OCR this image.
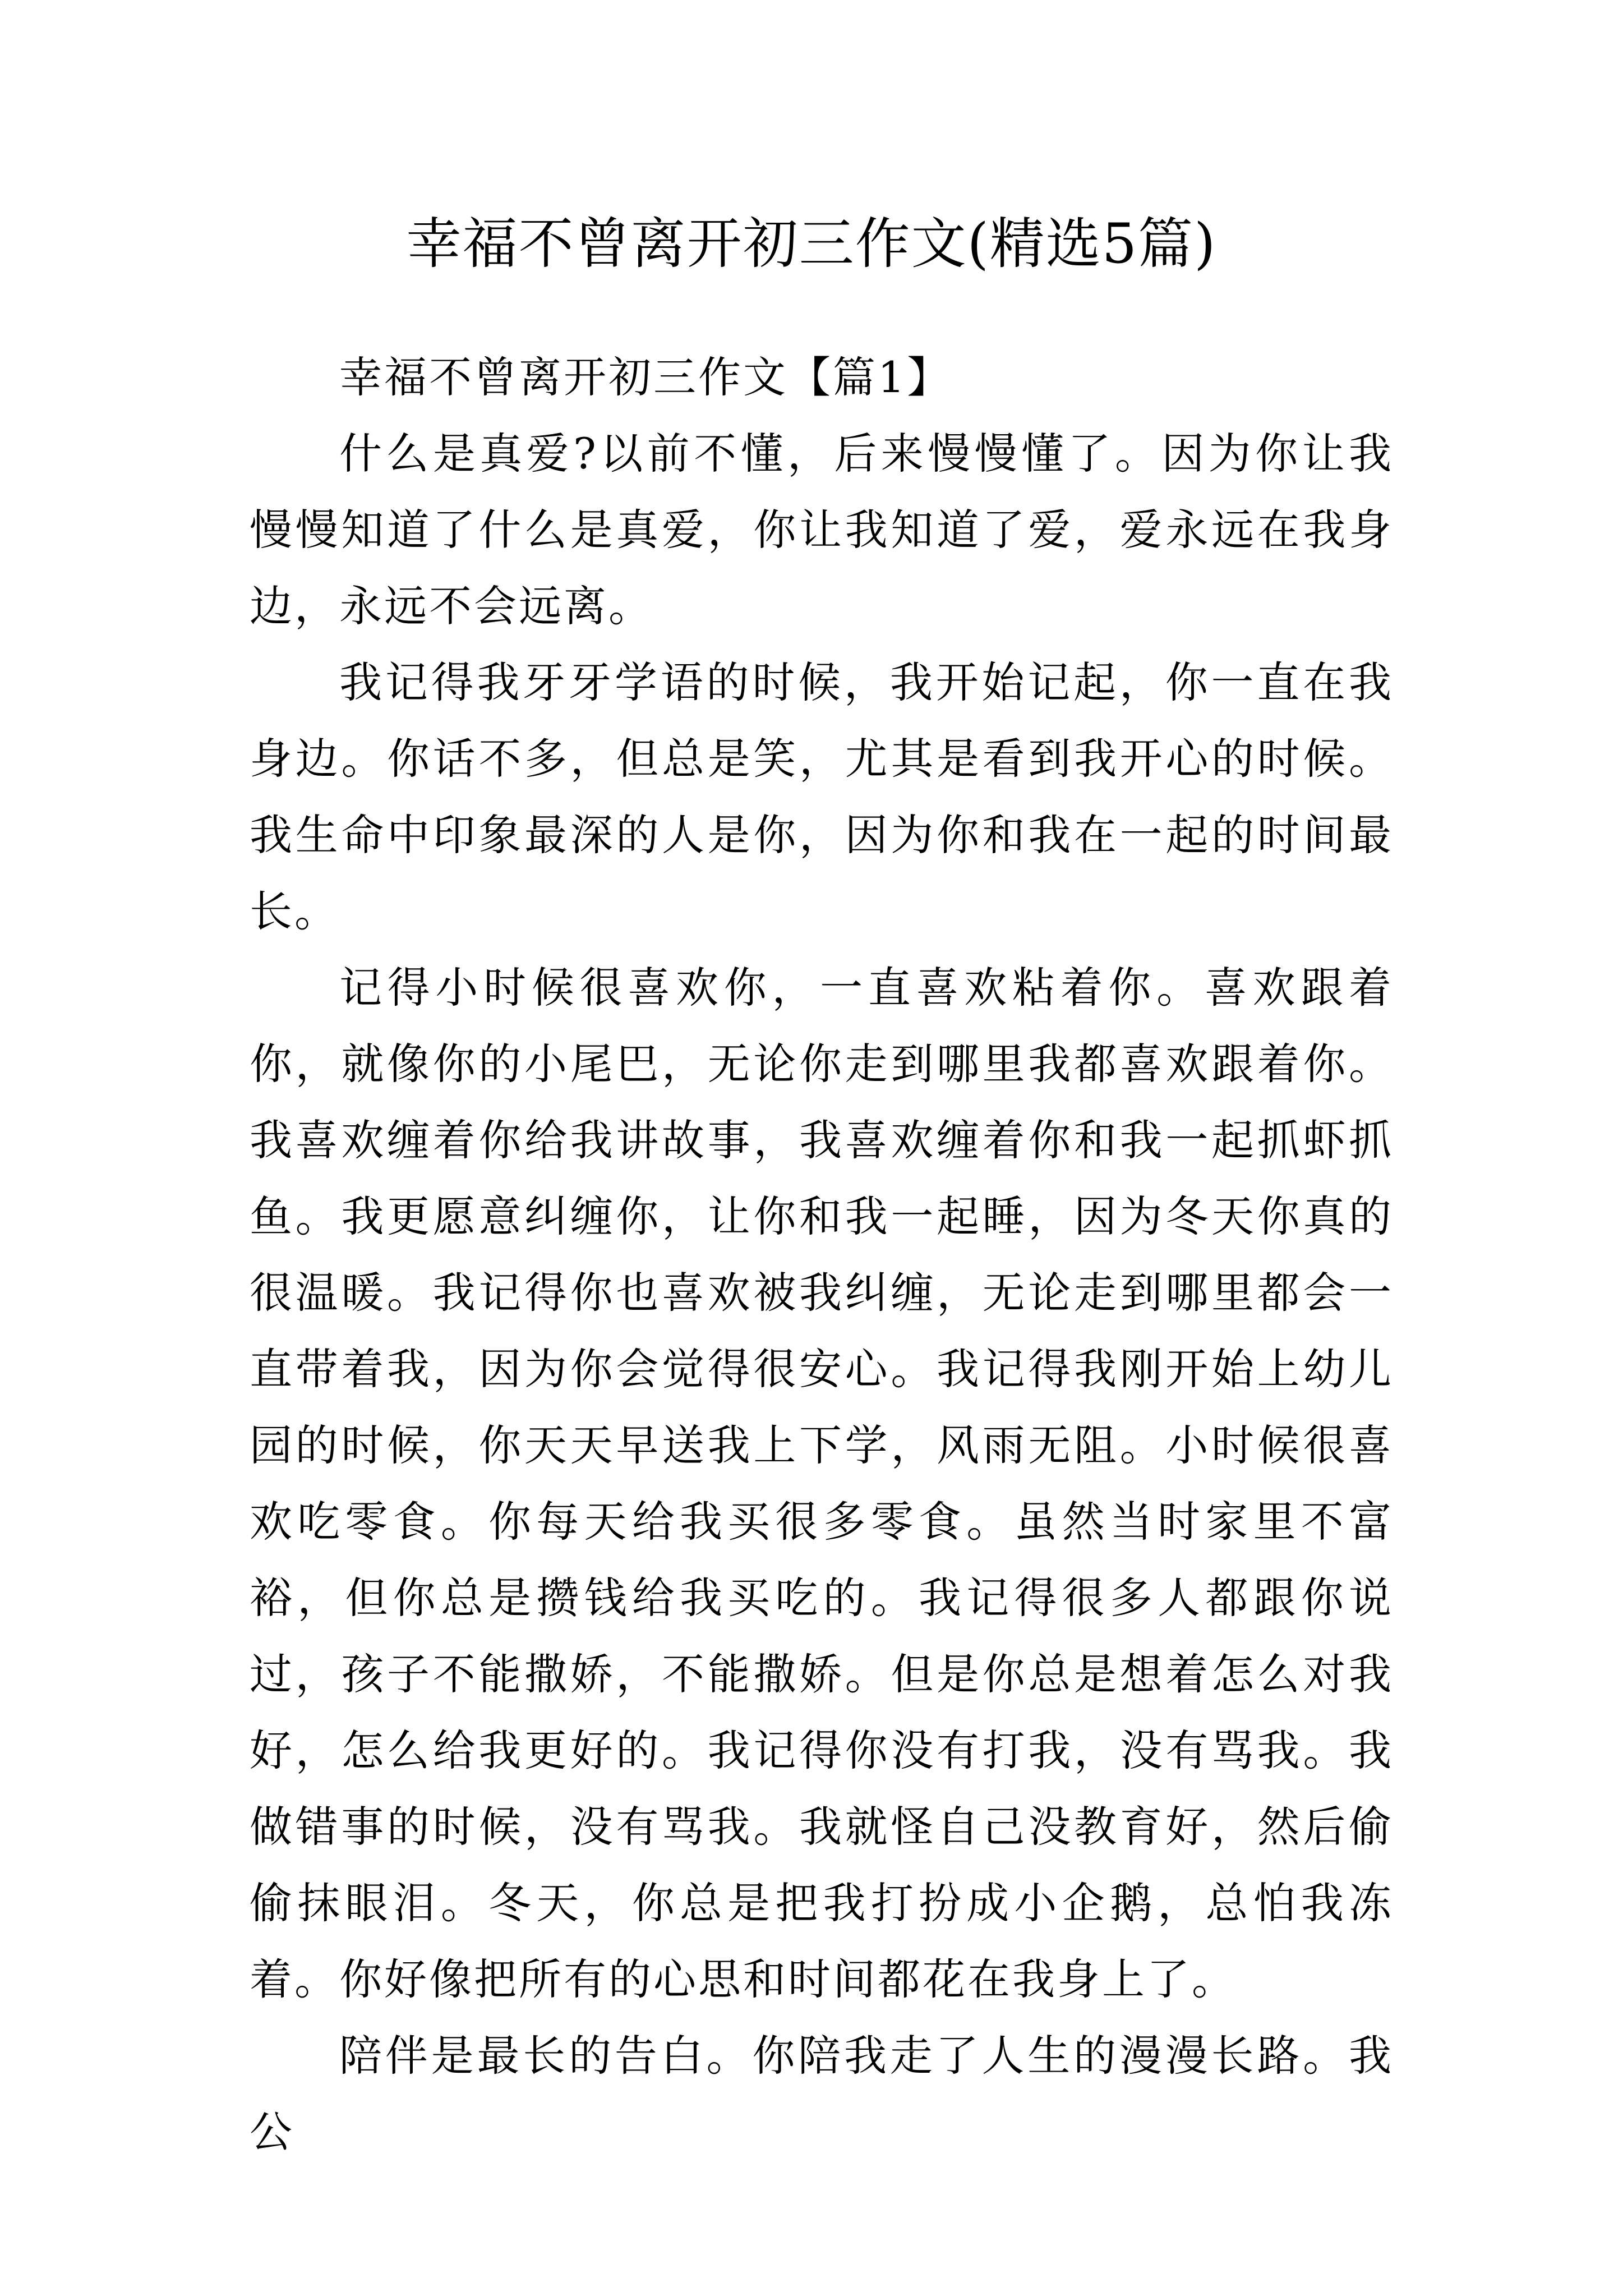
幸福不曾离开初三作文(精选5篇)

幸福不曾离开初三作文【篇1】

什么是真爱?以前不懂，后来慢慢懂了。因为你让我慢慢知道了什么是真爱，你让我知道了爱，爱永远在我身边，永远不会远离。

我记得我牙牙学语的时候，我开始记起，你一直在我身边。你话不多，但总是笑，尤其是看到我开心的时候。我生命中印象最深的人是你，因为你和我在一起的时间最长。

记得小时候很喜欢你，一直喜欢粘着你。喜欢跟着你，就像你的小尾巴，无论你走到哪里我都喜欢跟着你。我喜欢缠着你给我讲故事，我喜欢缠着你和我一起抓虾抓鱼。我更愿意纠缠你，让你和我一起睡，因为冬天你真的很温暖。我记得你也喜欢被我纠缠，无论走到哪里都会一直带着我，因为你会觉得很安心。我记得我刚开始上幼儿园的时候，你天天早送我上下学，风雨无阻。小时候很喜欢吃零食。你每天给我买很多零食。虽然当时家里不富裕，但你总是攒钱给我买吃的。我记得很多人都跟你说过，孩子不能撒娇，不能撒娇。但是你总是想着怎么对我好，怎么给我更好的。我记得你没有打我，没有骂我。我做错事的时候，没有骂我。我就怪自己没教育好，然后偷偷抹眼泪。冬天，你总是把我打扮成小企鹅，总怕我冻着。你好像把所有的心思和时间都花在我身上了。

陪伴是最长的告白。你陪我走了人生的漫漫长路。我公
